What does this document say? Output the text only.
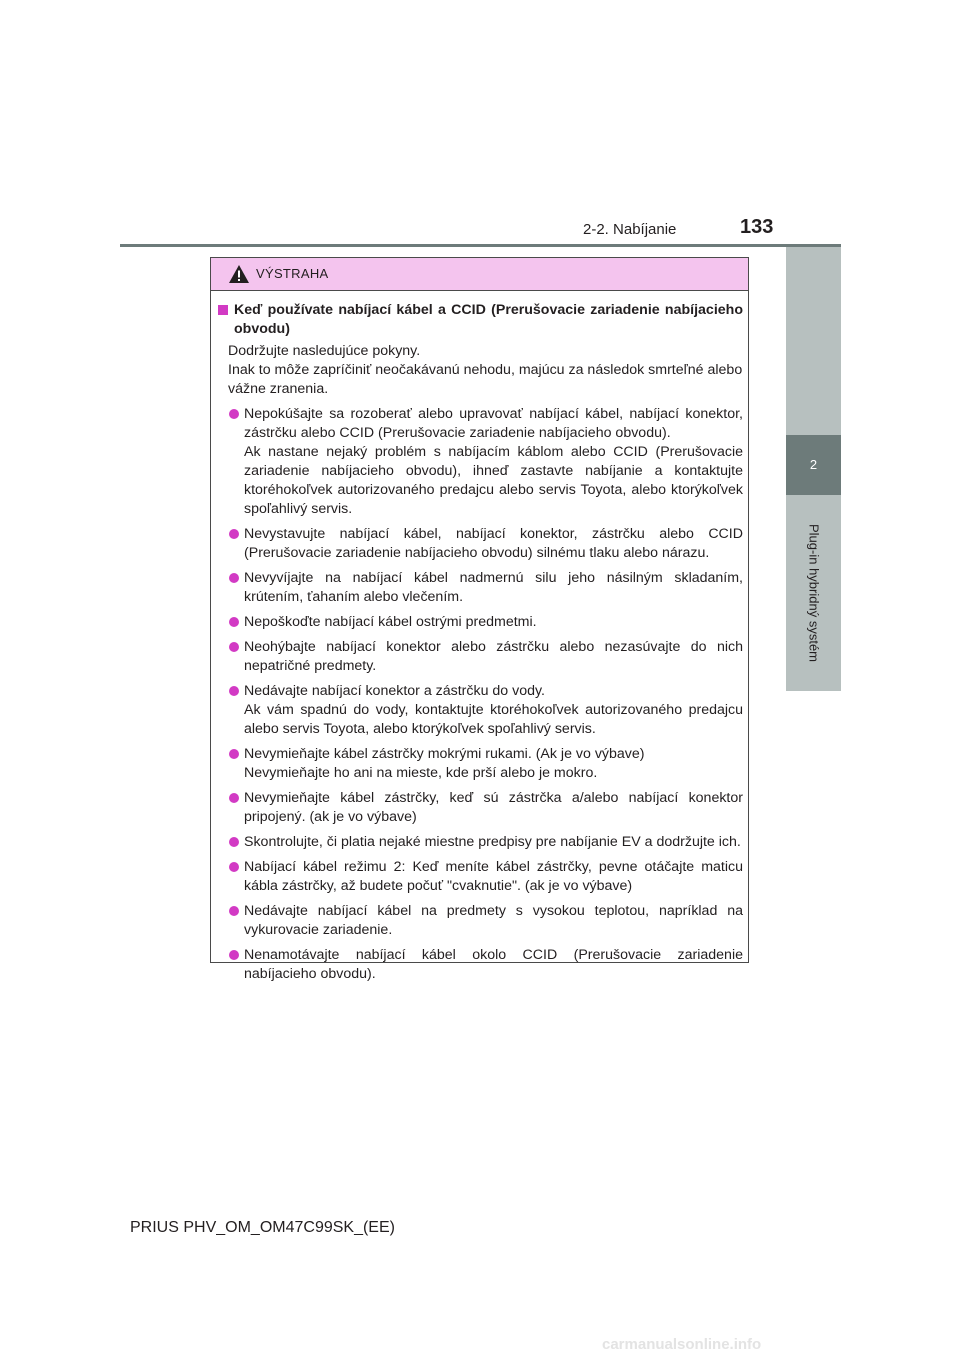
2-2. Nabíjanie	133
2
Plug-in hybridný systém
VÝSTRAHA
Keď používate nabíjací kábel a CCID (Prerušovacie zariadenie nabíjacieho obvodu)
Dodržujte nasledujúce pokyny.
Inak to môže zapríčiniť neočakávanú nehodu, majúcu za následok smrteľné alebo vážne zranenia.
Nepokúšajte sa rozoberať alebo upravovať nabíjací kábel, nabíjací konektor, zástrčku alebo CCID (Prerušovacie zariadenie nabíjacieho obvodu).
Ak nastane nejaký problém s nabíjacím káblom alebo CCID (Prerušovacie zariadenie nabíjacieho obvodu), ihneď zastavte nabíjanie a kontaktujte ktoréhokoľvek autorizovaného predajcu alebo servis Toyota, alebo ktorýkoľvek spoľahlivý servis.
Nevystavujte nabíjací kábel, nabíjací konektor, zástrčku alebo CCID (Prerušovacie zariadenie nabíjacieho obvodu) silnému tlaku alebo nárazu.
Nevyvíjajte na nabíjací kábel nadmernú silu jeho násilným skladaním, krútením, ťahaním alebo vlečením.
Nepoškoďte nabíjací kábel ostrými predmetmi.
Neohýbajte nabíjací konektor alebo zástrčku alebo nezasúvajte do nich nepatričné predmety.
Nedávajte nabíjací konektor a zástrčku do vody.
Ak vám spadnú do vody, kontaktujte ktoréhokoľvek autorizovaného predajcu alebo servis Toyota, alebo ktorýkoľvek spoľahlivý servis.
Nevymieňajte kábel zástrčky mokrými rukami. (Ak je vo výbave)
Nevymieňajte ho ani na mieste, kde prší alebo je mokro.
Nevymieňajte kábel zástrčky, keď sú zástrčka a/alebo nabíjací konektor pripojený. (ak je vo výbave)
Skontrolujte, či platia nejaké miestne predpisy pre nabíjanie EV a dodržujte ich.
Nabíjací kábel režimu 2: Keď meníte kábel zástrčky, pevne otáčajte maticu kábla zástrčky, až budete počuť "cvaknutie". (ak je vo výbave)
Nedávajte nabíjací kábel na predmety s vysokou teplotou, napríklad na vykurovacie zariadenie.
Nenamotávajte nabíjací kábel okolo CCID (Prerušovacie zariadenie nabíjacieho obvodu).
PRIUS PHV_OM_OM47C99SK_(EE)
carmanualsonline.info
